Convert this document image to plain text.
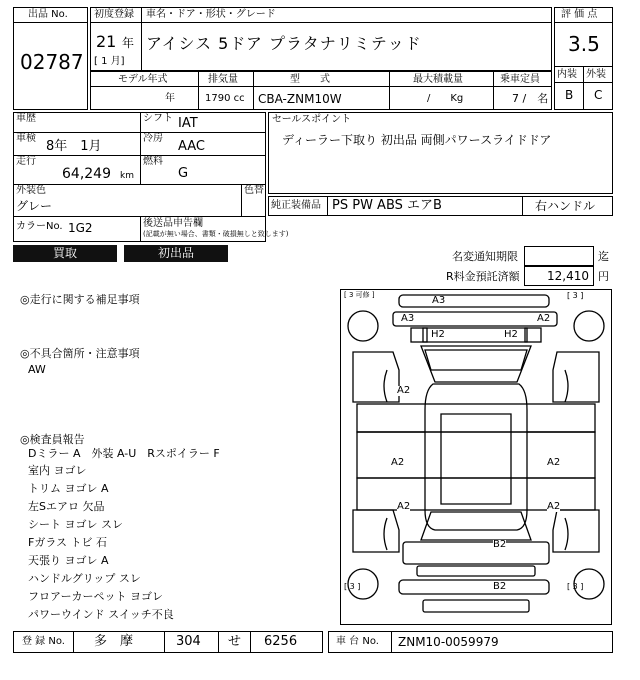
出品 No.
02787
初度登録 車名・ドア・形状・グレード
21 年
[ 1 月]
アイシス 5ドア プラタナリミテッド
評 価 点
3.5
内装 外装
B C
モデル年式	排気量	型　　式	最大積載量	乗車定員
年	1790 cc CBA-ZNM10W	/　　Kg	7 /　名
車歴	シフト IAT
車検
8年　1月
冷房
AAC
走行
64,249 km
燃料
G
外装色
グレー
色替
カラーNo. 1G2	後送品申告欄
(記載が無い場合、書類・破損無しと致します)
セールスポイント
ディーラー下取り 初出品 両側パワースライドドア
純正装備品 PS PW ABS エアB	右ハンドル
買取	初出品	名変通知期限	迄
R料金預託済額 12,410 円
◎走行に関する補足事項
◎不具合箇所・注意事項
AW
◎検査員報告
Dミラー A　外装 A-U　Rスポイラー F
室内 ヨゴレ
トリム ヨゴレ A
左Sエアロ 欠品
シート ヨゴレ スレ
Fガラス トビ 石
天張り ヨゴレ A
ハンドルグリップ スレ
フロアーカーペット ヨゴレ
パワーウインド スイッチ不良
[ 3 可修 ]	[ 3 ]
[ 3 ]	[ 3 ]
A3
A3	A2
H2	H2
A2
A2	A2
A2	A2
B2
B2
登 録 No. 多　摩	304 せ 6256	車 台 No. ZNM10-0059979
